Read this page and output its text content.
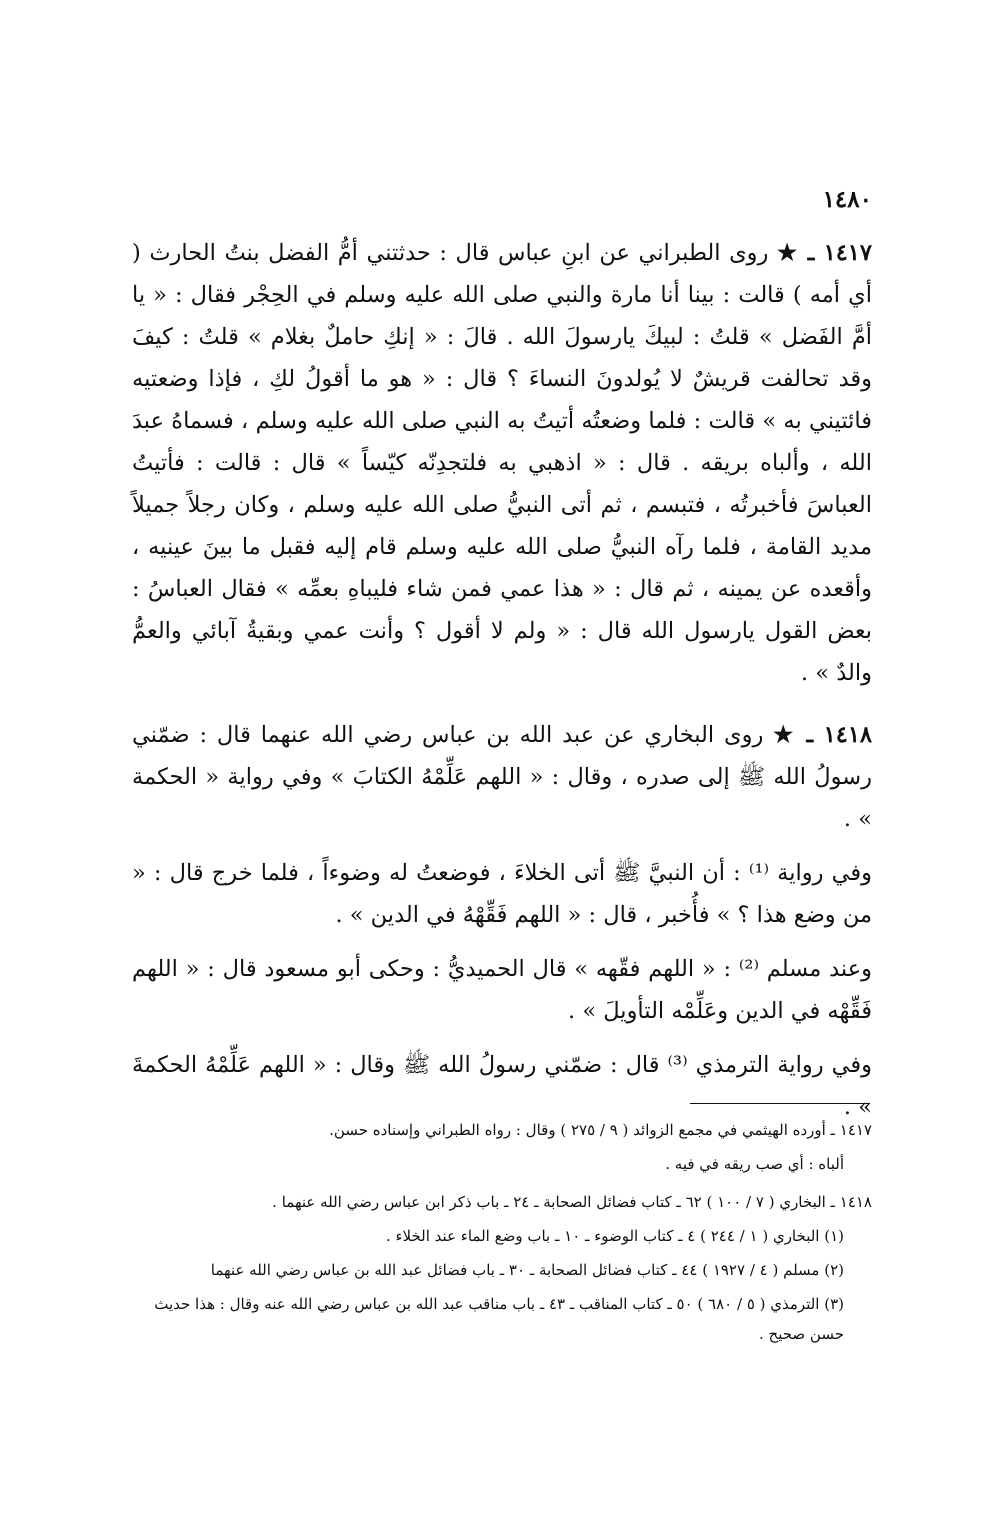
١٤٨٠

١٤١٧ ـ ★ روى الطبراني عن ابنِ عباس قال : حدثتني أمُّ الفضل بنتُ الحارث ( أي أمه ) قالت : بينا أنا مارة والنبي صلى الله عليه وسلم في الحِجْر فقال : « يا أمَّ الفَضل » قلتُ : لبيكَ يارسولَ الله . قالَ : « إنكِ حاملٌ بغلام » قلتُ : كيفَ وقد تحالفت قريشٌ لا يُولدونَ النساءَ ؟ قال : « هو ما أقولُ لكِ ، فإذا وضعتيه فائتيني به » قالت : فلما وضعتُه أتيتُ به النبي صلى الله عليه وسلم ، فسماهُ عبدَ الله ، وألباه بريقه . قال : « اذهبي به فلتجدِنّه كيّساً » قال : قالت : فأتيتُ العباسَ فأخبرتُه ، فتبسم ، ثم أتى النبيُّ صلى الله عليه وسلم ، وكان رجلاً جميلاً مديد القامة ، فلما رآه النبيُّ صلى الله عليه وسلم قام إليه فقبل ما بينَ عينيه ، وأقعده عن يمينه ، ثم قال : « هذا عمي فمن شاء فليباهِ بعمِّه » فقال العباسُ : بعض القول يارسول الله قال : « ولم لا أقول ؟ وأنت عمي وبقيةُ آبائي والعمُّ والدٌ » .

١٤١٨ ـ ★ روى البخاري عن عبد الله بن عباس رضي الله عنهما قال : ضمّني رسولُ الله ﷺ إلى صدره ، وقال : « اللهم عَلِّمْهُ الكتابَ » وفي رواية « الحكمة » .

وفي رواية ⁽¹⁾ : أن النبيَّ ﷺ أتى الخلاءَ ، فوضعتُ له وضوءاً ، فلما خرج قال : « من وضع هذا ؟ » فأُخبر ، قال : « اللهم فَقِّهْهُ في الدين » .

وعند مسلم ⁽²⁾ : « اللهم فقّهه » قال الحميديُّ : وحكى أبو مسعود قال : « اللهم فَقِّهْه في الدين وعَلِّمْه التأويلَ » .

وفي رواية الترمذي ⁽³⁾ قال : ضمّني رسولُ الله ﷺ وقال : « اللهم عَلِّمْهُ الحكمةَ » .

١٤١٧ ـ أورده الهيثمي في مجمع الزوائد ( ٩ / ٢٧٥ ) وقال : رواه الطبراني وإسناده حسن.

ألباه : أي صب ريقه في فيه .

١٤١٨ ـ البخاري ( ٧ / ١٠٠ ) ٦٢ ـ كتاب فضائل الصحابة ـ ٢٤ ـ باب ذكر ابن عباس رضي الله عنهما .

(١) البخاري ( ١ / ٢٤٤ ) ٤ ـ كتاب الوضوء ـ ١٠ ـ باب وضع الماء عند الخلاء .

(٢) مسلم ( ٤ / ١٩٢٧ ) ٤٤ ـ كتاب فضائل الصحابة ـ ٣٠ ـ باب فضائل عبد الله بن عباس رضي الله عنهما

(٣) الترمذي ( ٥ / ٦٨٠ ) ٥٠ ـ كتاب المناقب ـ ٤٣ ـ باب مناقب عبد الله بن عباس رضي الله عنه وقال : هذا حديث حسن صحيح .
